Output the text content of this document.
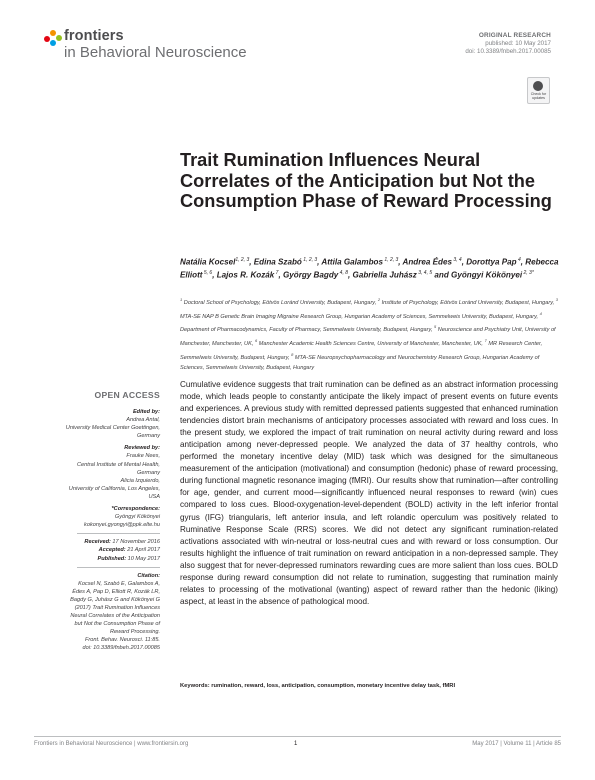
frontiers
in Behavioral Neuroscience
ORIGINAL RESEARCH
published: 10 May 2017
doi: 10.3389/fnbeh.2017.00085
Check for
updates
Trait Rumination Influences Neural Correlates of the Anticipation but Not the Consumption Phase of Reward Processing
Natália Kocsel$^{1, 2, 3}$, Edina Szabó $^{1, 2, 3}$, Attila Galambos $^{1, 2, 3}$, Andrea Édes $^{3, 4}$, Dorottya Pap $^4$, Rebecca Elliott $^{5, 6}$, Lajos R. Kozák $^7$, György Bagdy $^{4, 8}$, Gabriella Juhász $^{3, 4, 5}$ and Gyöngyi Kökönyei $^{2, 3*}$
$^1$ Doctoral School of Psychology, Eötvös Loránd University, Budapest, Hungary, $^2$ Institute of Psychology, Eötvös Loránd University, Budapest, Hungary, $^3$ MTA-SE NAP B Genetic Brain Imaging Migraine Research Group, Hungarian Academy of Sciences, Semmelweis University, Budapest, Hungary, $^4$ Department of Pharmacodynamics, Faculty of Pharmacy, Semmelweis University, Budapest, Hungary, $^5$ Neuroscience and Psychiatry Unit, University of Manchester, Manchester, UK, $^6$ Manchester Academic Health Sciences Centre, University of Manchester, Manchester, UK, $^7$ MR Research Center, Semmelweis University, Budapest, Hungary, $^8$ MTA-SE Neuropsychopharmacology and Neurochemistry Research Group, Hungarian Academy of Sciences, Semmelweis University, Budapest, Hungary
Cumulative evidence suggests that trait rumination can be defined as an abstract information processing mode, which leads people to constantly anticipate the likely impact of present events on future events and experiences. A previous study with remitted depressed patients suggested that enhanced rumination tendencies distort brain mechanisms of anticipatory processes associated with reward and loss cues. In the present study, we explored the impact of trait rumination on neural activity during reward and loss anticipation among never-depressed people. We analyzed the data of 37 healthy controls, who performed the monetary incentive delay (MID) task which was designed for the simultaneous measurement of the anticipation (motivational) and consumption (hedonic) phase of reward processing, during functional magnetic resonance imaging (fMRI). Our results show that rumination—after controlling for age, gender, and current mood—significantly influenced neural responses to reward (win) cues compared to loss cues. Blood-oxygenation-level-dependent (BOLD) activity in the left inferior frontal gyrus (IFG) triangularis, left anterior insula, and left rolandic operculum was positively related to Ruminative Response Scale (RRS) scores. We did not detect any significant rumination-related activations associated with win-neutral or loss-neutral cues and with reward or loss consumption. Our results highlight the influence of trait rumination on reward anticipation in a non-depressed sample. They also suggest that for never-depressed ruminators rewarding cues are more salient than loss cues. BOLD response during reward consumption did not relate to rumination, suggesting that rumination mainly relates to processing of the motivational (wanting) aspect of reward rather than the hedonic (liking) aspect, at least in the absence of pathological mood.
Keywords: rumination, reward, loss, anticipation, consumption, monetary incentive delay task, fMRI
OPEN ACCESS
Edited by:
Andrea Antal,
University Medical Center Goettingen,
Germany
Reviewed by:
Frauke Nees,
Central Institute of Mental Health,
Germany
Alicia Izquierdo,
University of California, Los Angeles,
USA
*Correspondence:
Gyöngyi Kökönyei
kokonyei.gyongyi@ppk.elte.hu
Received: 17 November 2016
Accepted: 21 April 2017
Published: 10 May 2017
Citation:
Kocsel N, Szabó E, Galambos A,
Édes A, Pap D, Elliott R, Kozák LR,
Bagdy G, Juhász G and Kökönyei G
(2017) Trait Rumination Influences
Neural Correlates of the Anticipation
but Not the Consumption Phase of
Reward Processing.
Front. Behav. Neurosci. 11:85.
doi: 10.3389/fnbeh.2017.00085
Frontiers in Behavioral Neuroscience | www.frontiersin.org	1	May 2017 | Volume 11 | Article 85
